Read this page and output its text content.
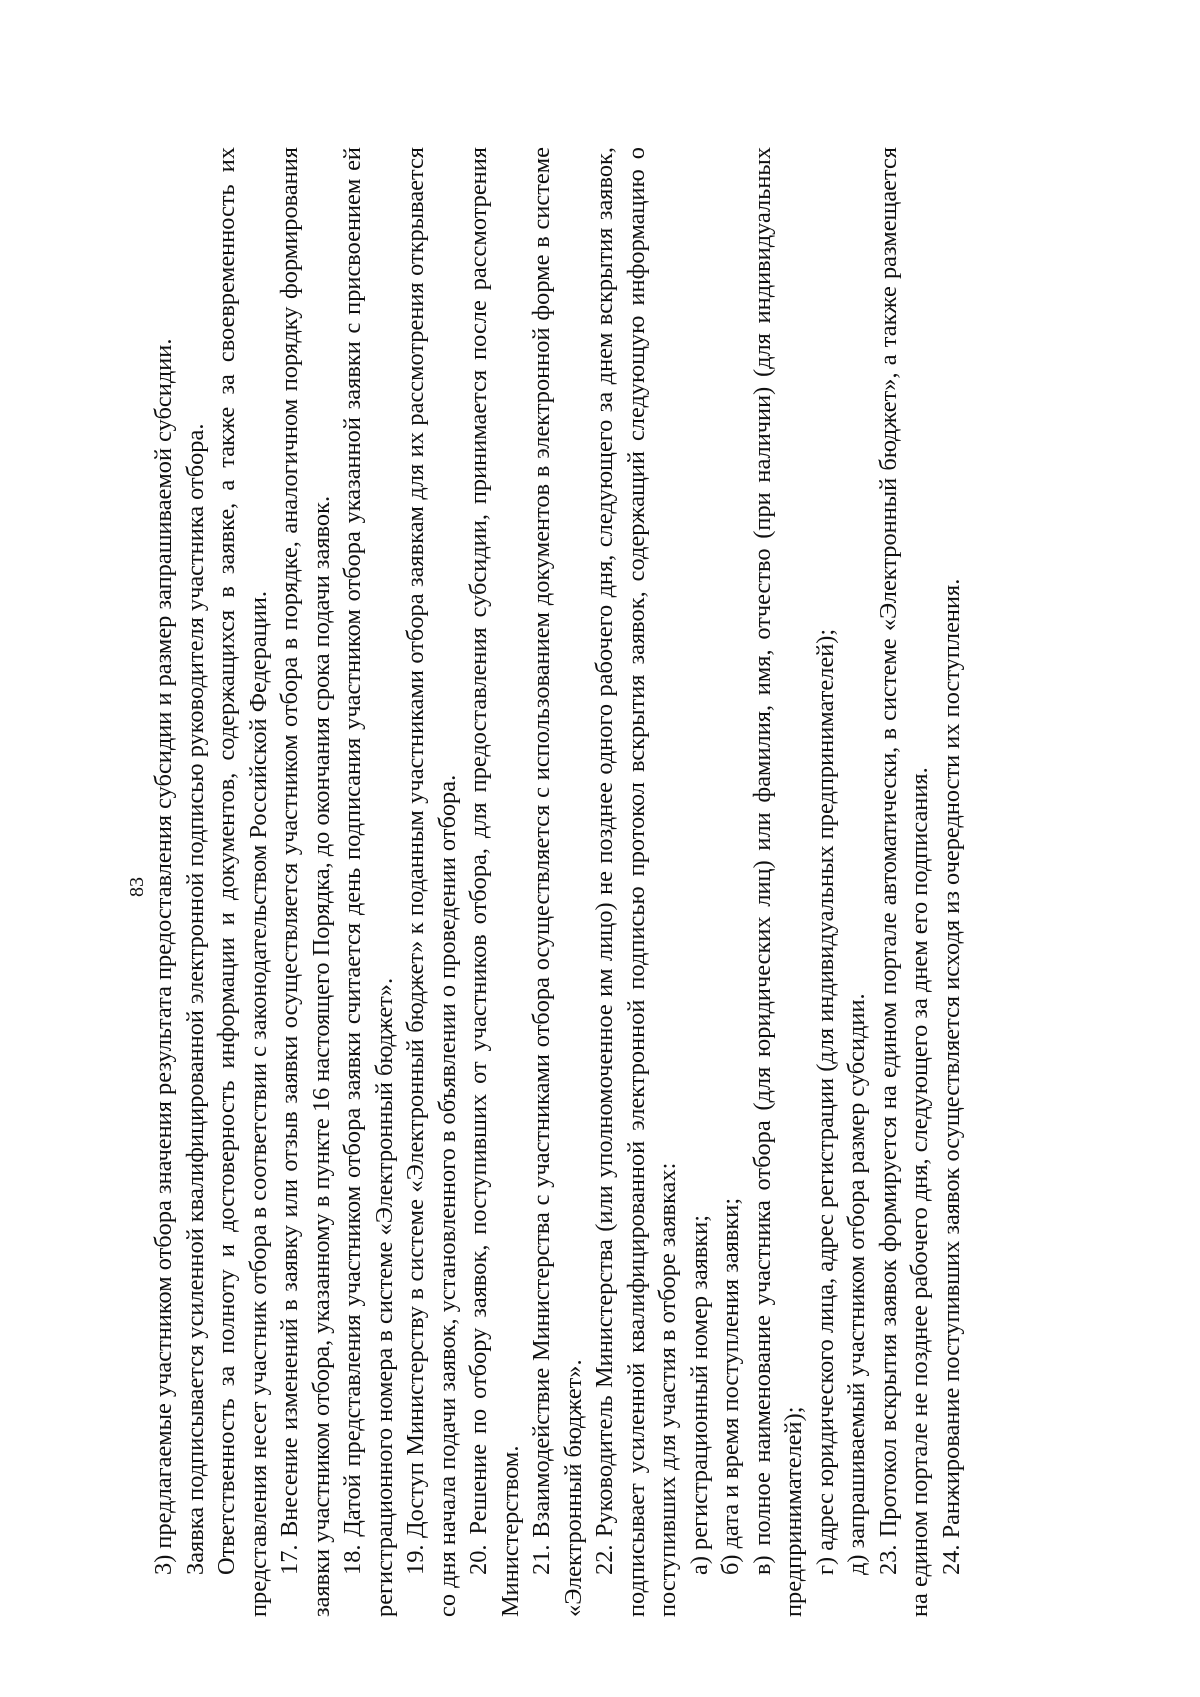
83 3) предлагаемые участником отбора значения результата предоставления субсидии и размер запрашиваемой субсидии. Заявка подписывается усиленной квалифицированной электронной подписью руководителя участника отбора. Ответственность за полноту и достоверность информации и документов, содержащихся в заявке, а также за своевременность их представления несет участник отбора в соответствии с законодательством Российской Федерации. 17. Внесение изменений в заявку или отзыв заявки осуществляется участником отбора в порядке, аналогичном порядку формирования заявки участником отбора, указанному в пункте 16 настоящего Порядка, до окончания срока подачи заявок. 18. Датой представления участником отбора заявки считается день подписания участником отбора указанной заявки с присвоением ей регистрационного номера в системе «Электронный бюджет». 19. Доступ Министерству в системе «Электронный бюджет» к поданным участниками отбора заявкам для их рассмотрения открывается со дня начала подачи заявок, установленного в объявлении о проведении отбора. 20. Решение по отбору заявок, поступивших от участников отбора, для предоставления субсидии, принимается после рассмотрения Министерством. 21. Взаимодействие Министерства с участниками отбора осуществляется с использованием документов в электронной форме в системе «Электронный бюджет». 22. Руководитель Министерства (или уполномоченное им лицо) не позднее одного рабочего дня, следующего за днем вскрытия заявок, подписывает усиленной квалифицированной электронной подписью протокол вскрытия заявок, содержащий следующую информацию о поступивших для участия в отборе заявках: а) регистрационный номер заявки; б) дата и время поступления заявки; в) полное наименование участника отбора (для юридических лиц) или фамилия, имя, отчество (при наличии) (для индивидуальных предпринимателей); г) адрес юридического лица, адрес регистрации (для индивидуальных предпринимателей); д) запрашиваемый участником отбора размер субсидии. 23. Протокол вскрытия заявок формируется на едином портале автоматически, в системе «Электронный бюджет», а также размещается на едином портале не позднее рабочего дня, следующего за днем его подписания. 24. Ранжирование поступивших заявок осуществляется исходя из очередности их поступления.
